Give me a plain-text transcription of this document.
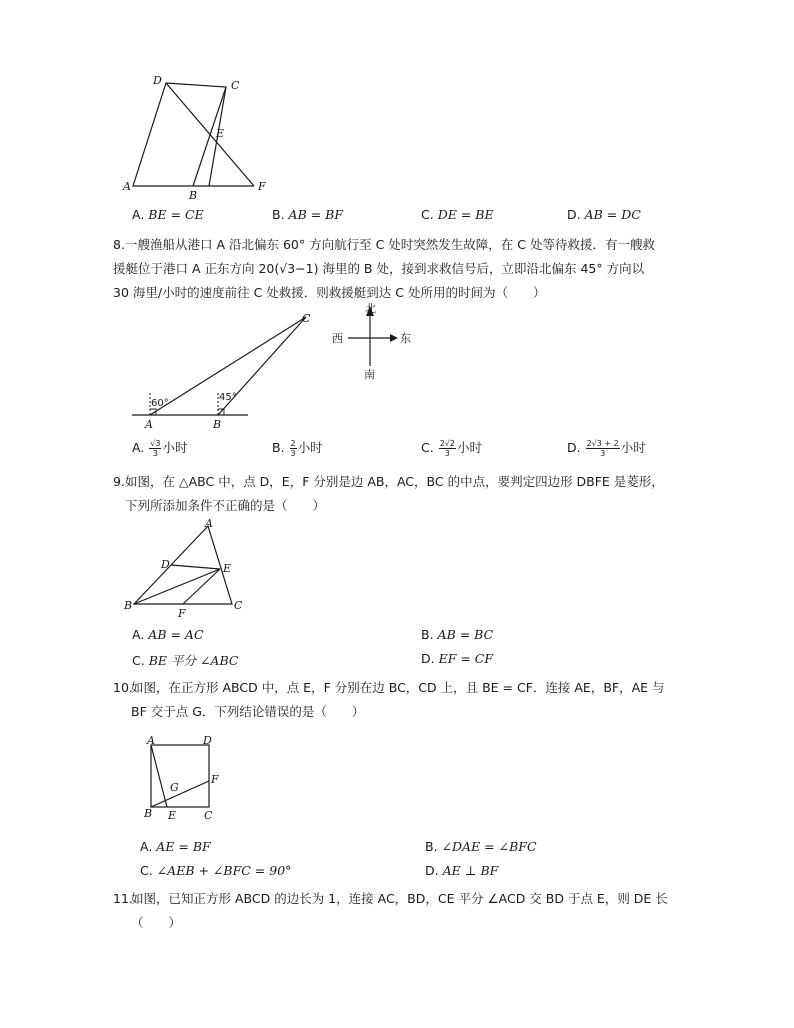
D	C
E
A
B
F
A. BE = CE	B. AB = BF	C. DE = BE	D. AB = DC
8. 一艘渔船从港口 A 沿北偏东 60° 方向航行至 C 处时突然发生故障，在 C 处等待救援．有一艘救
援艇位于港口 A 正东方向 20(√3−1) 海里的 B 处，接到求救信号后，立即沿北偏东 45° 方向以
30 海里/小时的速度前往 C 处救援．则救援艇到达 C 处所用的时间为（　　）
60°
45°
C
A	B
北
南
西	东
A. $\frac{√3}{3}$ 小时	B. $\frac{2}{3}$ 小时	C. $\frac{2√2}{3}$ 小时	D. $\frac{2√3 + 2}{3}$ 小时
9. 如图，在 △ABC 中，点 D，E，F 分别是边 AB，AC，BC 的中点，要判定四边形 DBFE 是菱形，
下列所添加条件不正确的是（　　）
A
D	E
B
F
C
A. AB = AC	B. AB = BC
C. BE 平分 ∠ABC	D. EF = CF
10.
如图，在正方形 ABCD 中，点 E，F 分别在边 BC，CD 上，且 BE = CF．连接 AE，BF，AE 与
BF 交于点 G．下列结论错误的是（　　）
A	D
F
G
B E	C
A. AE = BF	B. ∠DAE = ∠BFC
C. ∠AEB + ∠BFC = 90°	D. AE ⊥ BF
11.
如图，已知正方形 ABCD 的边长为 1，连接 AC，BD，CE 平分 ∠ACD 交 BD 于点 E，则 DE 长
（　　）
